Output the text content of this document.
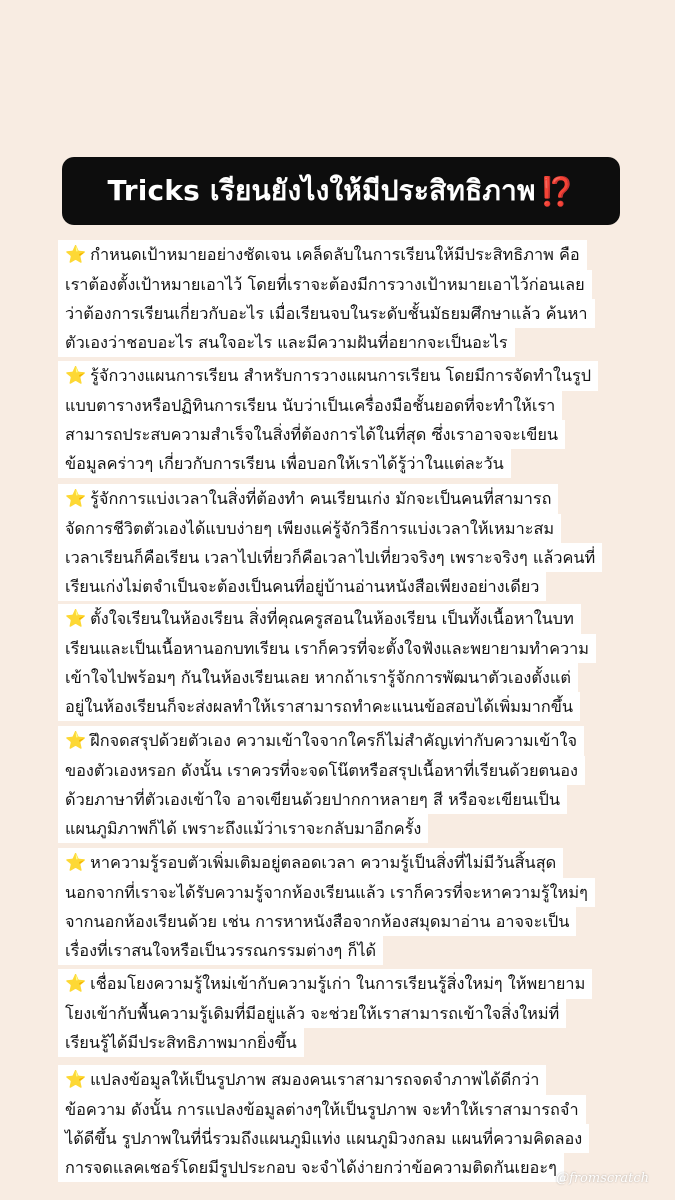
Tricks เรียนยังไงให้มีประสิทธิภาพ ⁉️
⭐ กำหนดเป้าหมายอย่างชัดเจน เคล็ดลับในการเรียนให้มีประสิทธิภาพ คือ
เราต้องตั้งเป้าหมายเอาไว้ โดยที่เราจะต้องมีการวางเป้าหมายเอาไว้ก่อนเลย
ว่าต้องการเรียนเกี่ยวกับอะไร เมื่อเรียนจบในระดับชั้นมัธยมศึกษาแล้ว ค้นหา
ตัวเองว่าชอบอะไร สนใจอะไร และมีความฝันที่อยากจะเป็นอะไร
⭐ รู้จักวางแผนการเรียน สำหรับการวางแผนการเรียน โดยมีการจัดทำในรูป
แบบตารางหรือปฏิทินการเรียน นับว่าเป็นเครื่องมือชั้นยอดที่จะทำให้เรา
สามารถประสบความสำเร็จในสิ่งที่ต้องการได้ในที่สุด ซึ่งเราอาจจะเขียน
ข้อมูลคร่าวๆ เกี่ยวกับการเรียน เพื่อบอกให้เราได้รู้ว่าในแต่ละวัน
⭐ รู้จักการแบ่งเวลาในสิ่งที่ต้องทำ คนเรียนเก่ง มักจะเป็นคนที่สามารถ
จัดการชีวิตตัวเองได้แบบง่ายๆ เพียงแค่รู้จักวิธีการแบ่งเวลาให้เหมาะสม
เวลาเรียนก็คือเรียน เวลาไปเที่ยวก็คือเวลาไปเที่ยวจริงๆ เพราะจริงๆ แล้วคนที่
เรียนเก่งไม่ตจำเป็นจะต้องเป็นคนที่อยู่บ้านอ่านหนังสือเพียงอย่างเดียว
⭐ ตั้งใจเรียนในห้องเรียน สิ่งที่คุณครูสอนในห้องเรียน เป็นทั้งเนื้อหาในบท
เรียนและเป็นเนื้อหานอกบทเรียน เราก็ควรที่จะตั้งใจฟังและพยายามทำความ
เข้าใจไปพร้อมๆ กันในห้องเรียนเลย หากถ้าเรารู้จักการพัฒนาตัวเองตั้งแต่
อยู่ในห้องเรียนก็จะส่งผลทำให้เราสามารถทำคะแนนข้อสอบได้เพิ่มมากขึ้น
⭐ ฝึกจดสรุปด้วยตัวเอง ความเข้าใจจากใครก็ไม่สำคัญเท่ากับความเข้าใจ
ของตัวเองหรอก ดังนั้น เราควรที่จะจดโน๊ตหรือสรุปเนื้อหาที่เรียนด้วยตนอง
ด้วยภาษาที่ตัวเองเข้าใจ อาจเขียนด้วยปากกาหลายๆ สี หรือจะเขียนเป็น
แผนภูมิภาพก็ได้ เพราะถึงแม้ว่าเราจะกลับมาอีกครั้ง
⭐ หาความรู้รอบตัวเพิ่มเติมอยู่ตลอดเวลา ความรู้เป็นสิ่งที่ไม่มีวันสิ้นสุด
นอกจากที่เราจะได้รับความรู้จากห้องเรียนแล้ว เราก็ควรที่จะหาความรู้ใหม่ๆ
จากนอกห้องเรียนด้วย เช่น การหาหนังสือจากห้องสมุดมาอ่าน อาจจะเป็น
เรื่องที่เราสนใจหรือเป็นวรรณกรรมต่างๆ ก็ได้
⭐ เชื่อมโยงความรู้ใหม่เข้ากับความรู้เก่า ในการเรียนรู้สิ่งใหม่ๆ ให้พยายาม
โยงเข้ากับพื้นความรู้เดิมที่มีอยู่แล้ว จะช่วยให้เราสามารถเข้าใจสิ่งใหม่ที่
เรียนรู้ได้มีประสิทธิภาพมากยิ่งขึ้น
⭐ แปลงข้อมูลให้เป็นรูปภาพ สมองคนเราสามารถจดจำภาพได้ดีกว่า
ข้อความ ดังนั้น การแปลงข้อมูลต่างๆให้เป็นรูปภาพ จะทำให้เราสามารถจำ
ได้ดีขึ้น รูปภาพในที่นี่รวมถึงแผนภูมิแท่ง แผนภูมิวงกลม แผนที่ความคิดลอง
การจดแลคเชอร์โดยมีรูปประกอบ จะจำได้ง่ายกว่าข้อความติดกันเยอะๆ
@fromscratch
